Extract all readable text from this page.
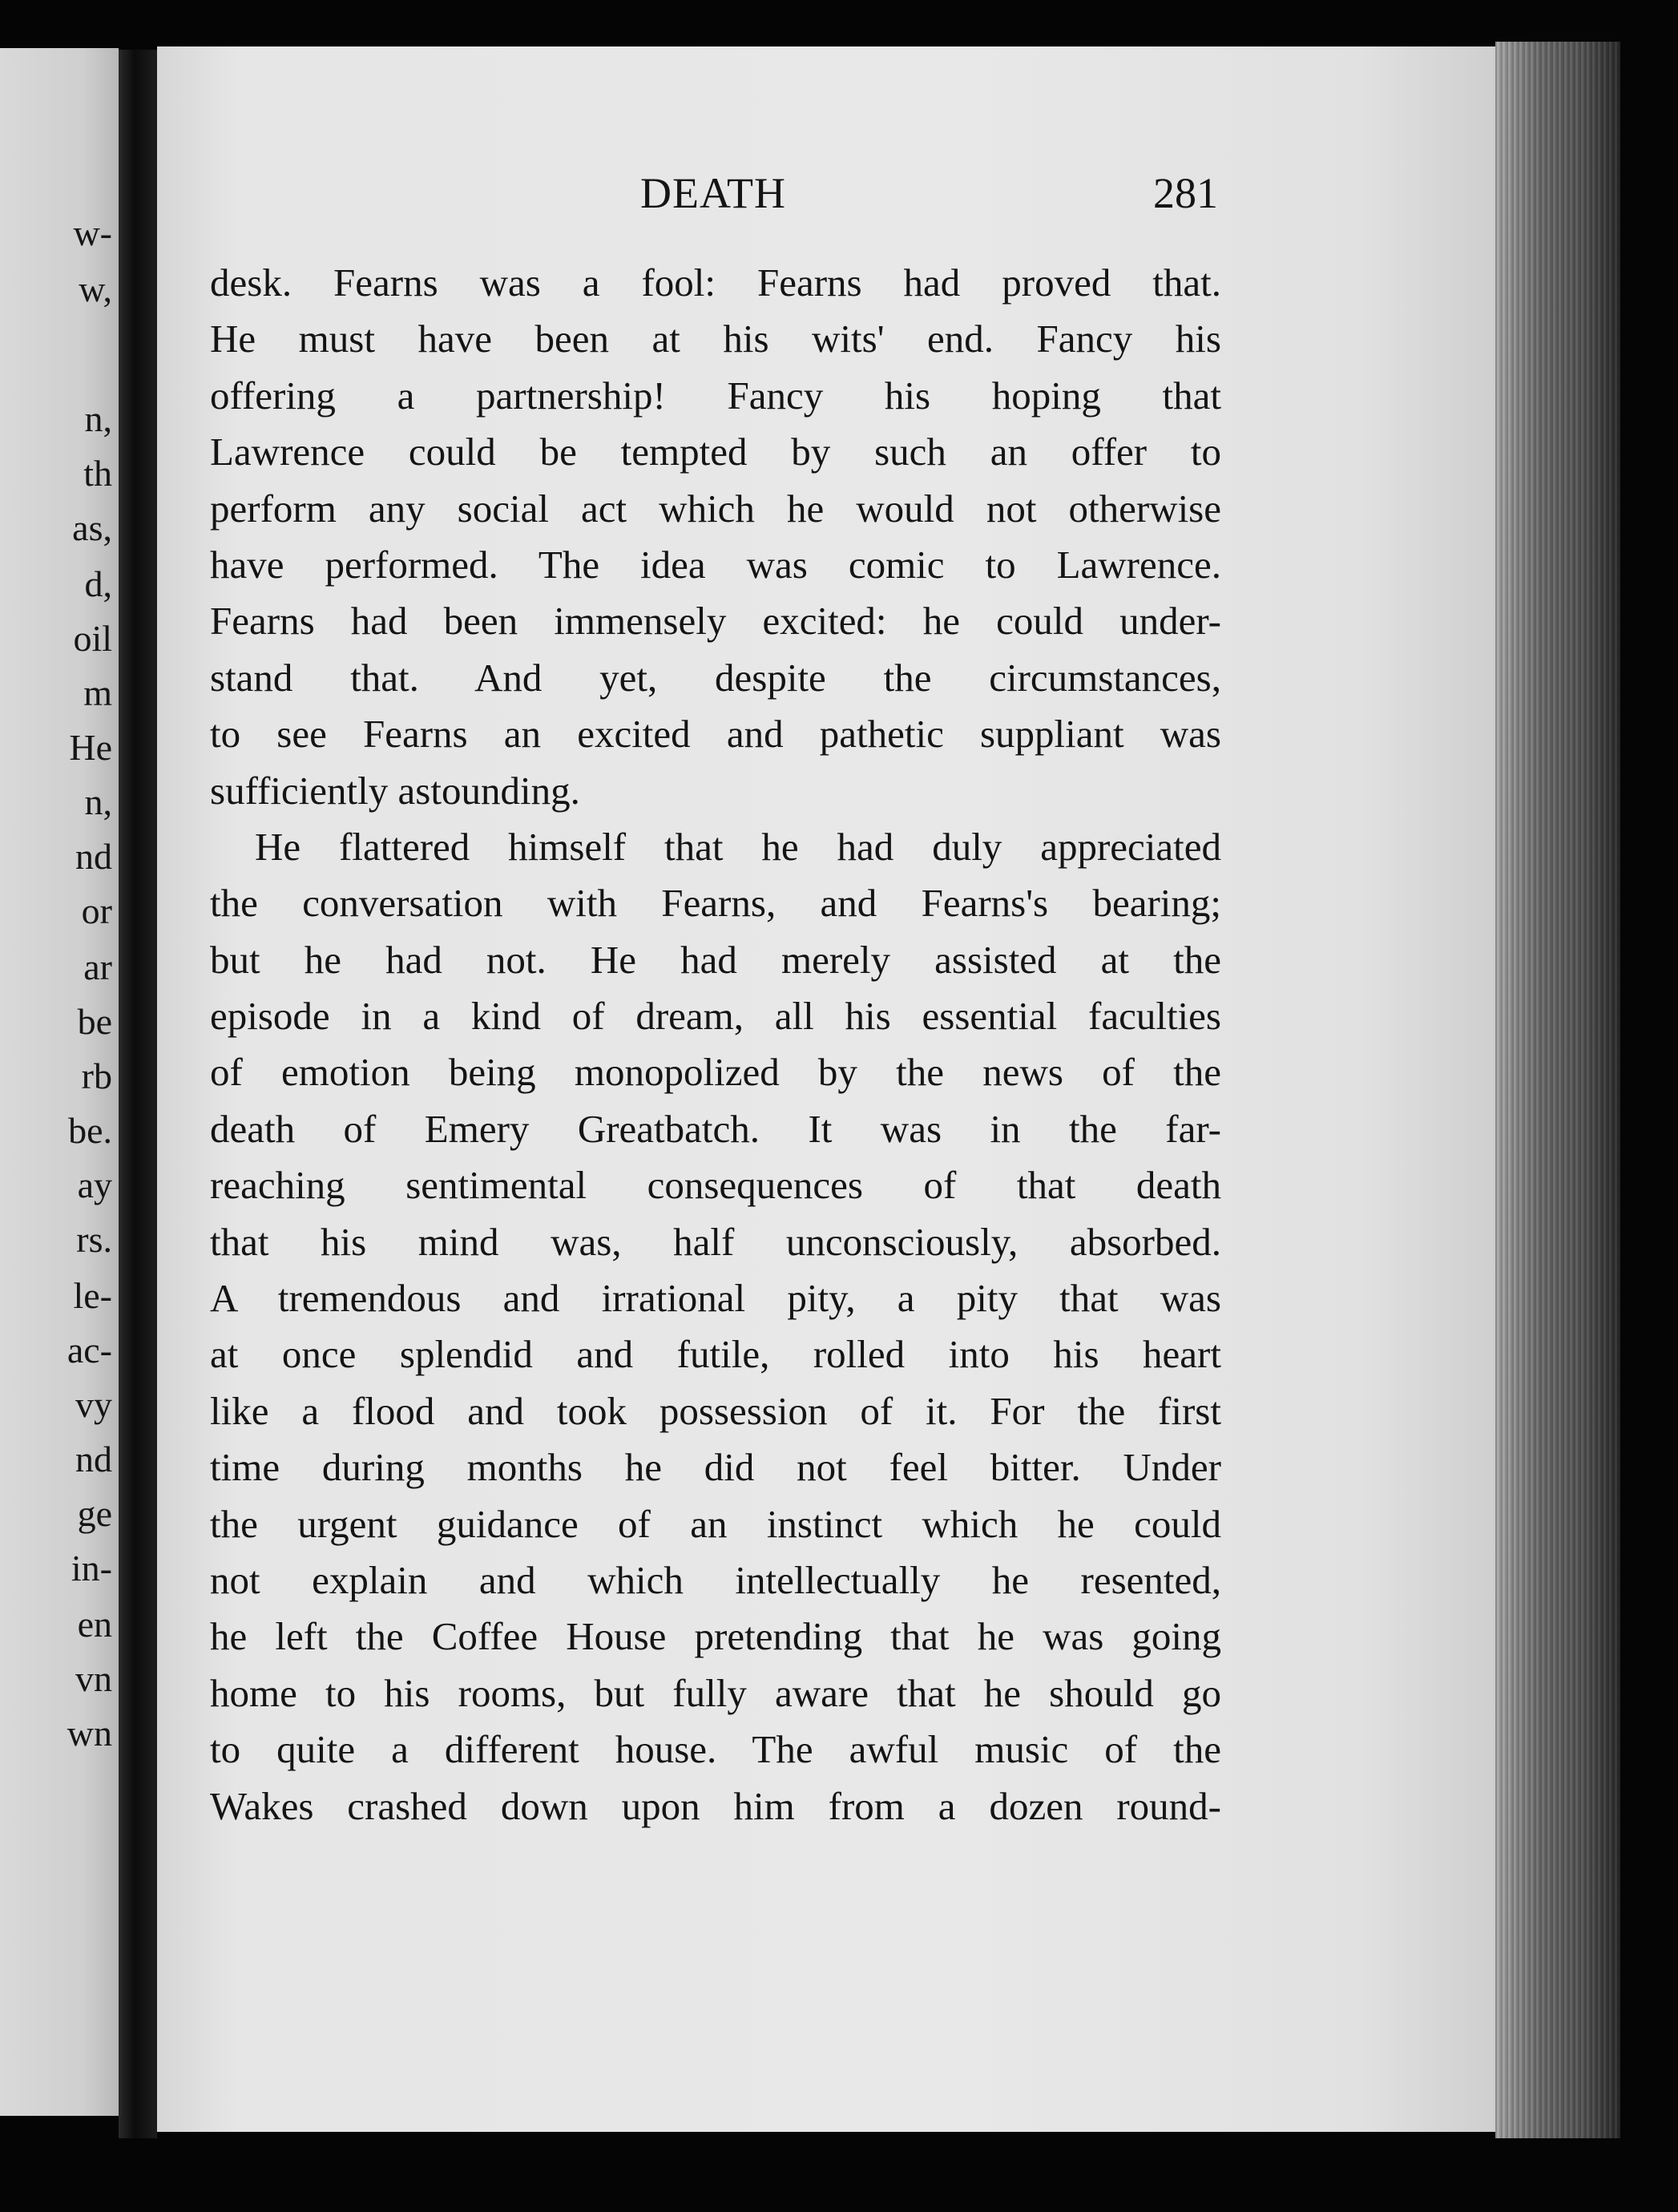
w-
w,
n,
th
as,
d,
oil
m
He
n,
nd
or
ar
be
rb
be.
ay
rs.
le-
ac-
vy
nd
ge
in-
en
vn
wn
DEATH	281
desk. Fearns was a fool: Fearns had proved that.
He must have been at his wits' end. Fancy his
offering a partnership! Fancy his hoping that
Lawrence could be tempted by such an offer to
perform any social act which he would not otherwise
have performed. The idea was comic to Lawrence.
Fearns had been immensely excited: he could under-
stand that. And yet, despite the circumstances,
to see Fearns an excited and pathetic suppliant was
sufficiently astounding.
He flattered himself that he had duly appreciated
the conversation with Fearns, and Fearns's bearing;
but he had not. He had merely assisted at the
episode in a kind of dream, all his essential faculties
of emotion being monopolized by the news of the
death of Emery Greatbatch. It was in the far-
reaching sentimental consequences of that death
that his mind was, half unconsciously, absorbed.
A tremendous and irrational pity, a pity that was
at once splendid and futile, rolled into his heart
like a flood and took possession of it. For the first
time during months he did not feel bitter. Under
the urgent guidance of an instinct which he could
not explain and which intellectually he resented,
he left the Coffee House pretending that he was going
home to his rooms, but fully aware that he should go
to quite a different house. The awful music of the
Wakes crashed down upon him from a dozen round-
